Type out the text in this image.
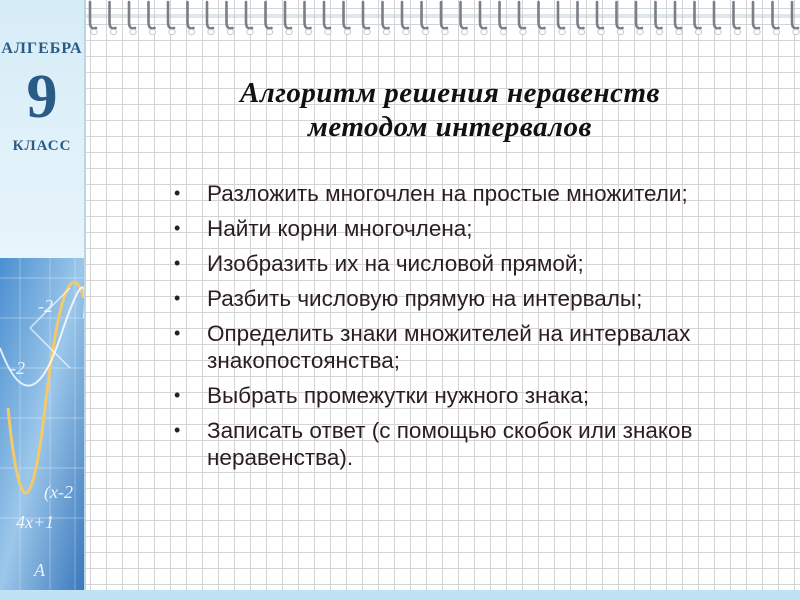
АЛГЕБРА
9
КЛАСС
-2
-2
(x-2
4x+1
A
Алгоритм решения неравенств
методом интервалов
• Разложить многочлен на простые множители;
• Найти корни многочлена;
• Изобразить их на числовой прямой;
• Разбить числовую прямую на интервалы;
• Определить знаки множителей на интервалах знакопостоянства;
• Выбрать промежутки нужного знака;
• Записать ответ (с помощью скобок или знаков неравенства).
